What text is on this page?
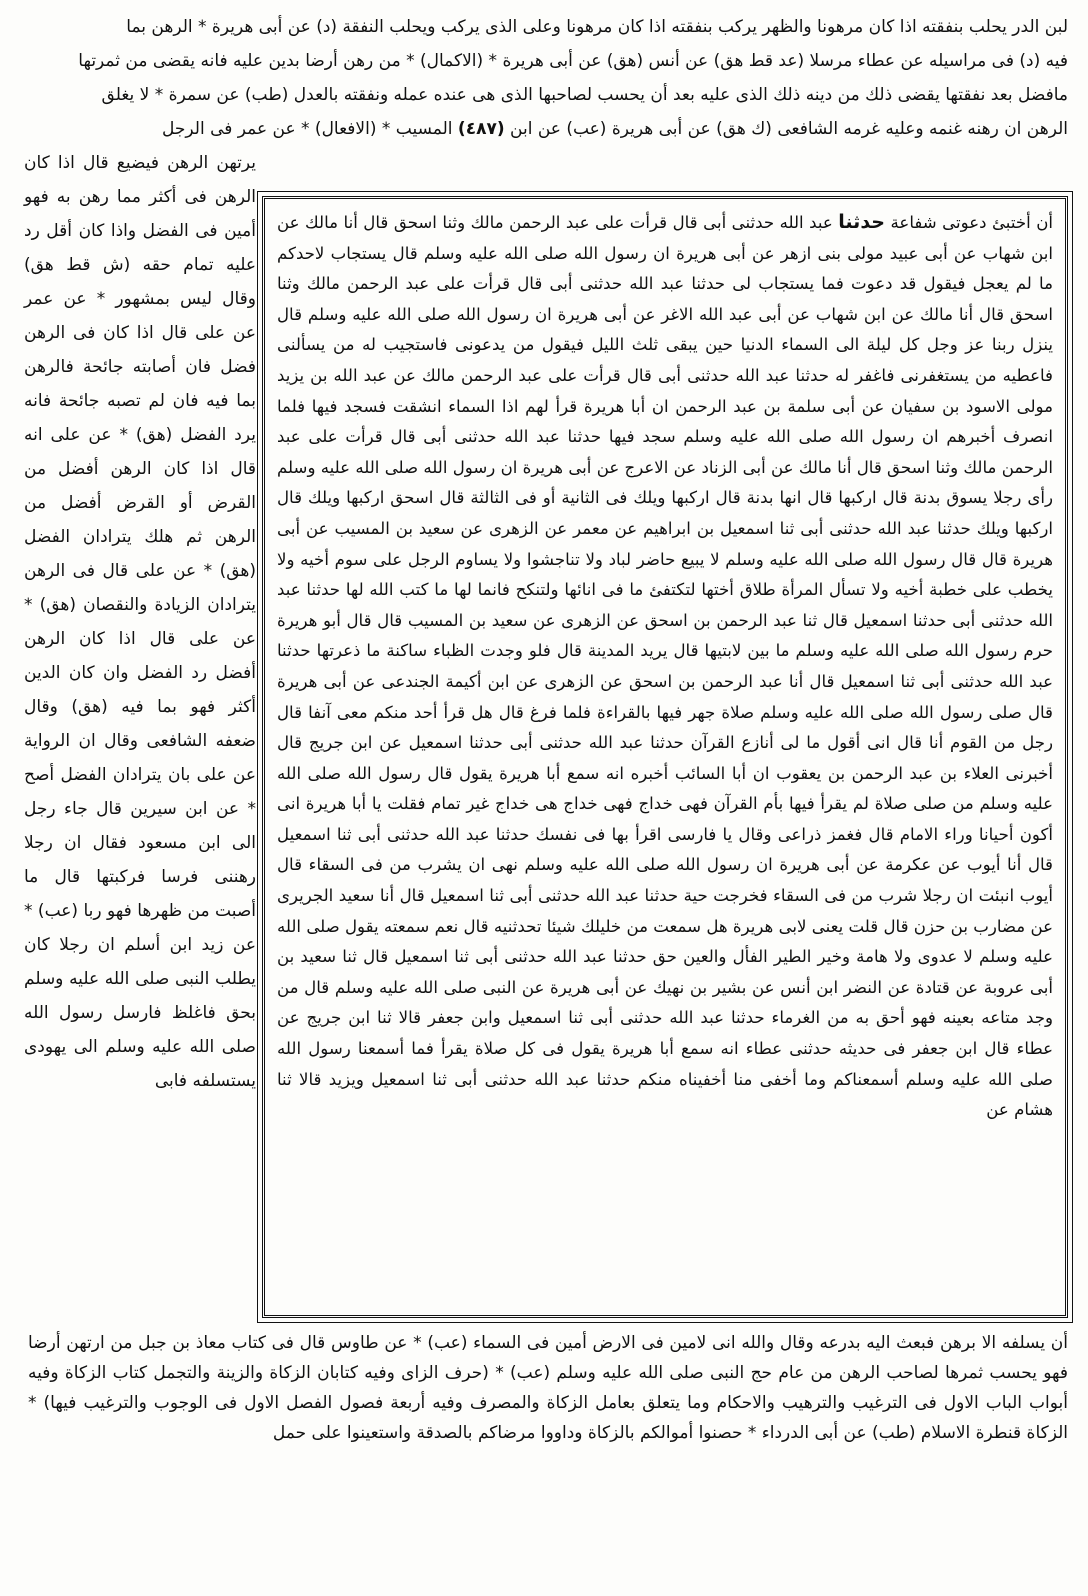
لبن الدر يحلب بنفقته اذا كان مرهونا والظهر يركب بنفقته اذا كان مرهونا وعلى الذى يركب ويحلب النفقة (د) عن أبى هريرة * الرهن بما
فيه (د) فى مراسيله عن عطاء مرسلا (عد قط هق) عن أنس (هق) عن أبى هريرة * (الاكمال) * من رهن أرضا بدين عليه فانه يقضى من ثمرتها
مافضل بعد نفقتها يقضى ذلك من دينه ذلك الذى عليه بعد أن يحسب لصاحبها الذى هى عنده عمله ونفقته بالعدل (طب) عن سمرة * لا يغلق
الرهن ان رهنه غنمه وعليه غرمه الشافعى (ك هق) عن أبى هريرة (عب) عن ابن (٤٨٧) المسيب * (الافعال) * عن عمر فى الرجل
يرتهن الرهن فيضيع قال اذا كان الرهن فى أكثر مما رهن به فهو أمين فى الفضل واذا كان أقل رد عليه تمام حقه (ش قط هق) وقال ليس بمشهور * عن عمر عن على قال اذا كان فى الرهن فضل فان أصابته جائحة فالرهن بما فيه فان لم تصبه جائحة فانه يرد الفضل (هق) * عن على انه قال اذا كان الرهن أفضل من القرض أو القرض أفضل من الرهن ثم هلك يترادان الفضل (هق) * عن على قال فى الرهن يترادان الزيادة والنقصان (هق) * عن على قال اذا كان الرهن أفضل رد الفضل وان كان الدين أكثر فهو بما فيه (هق) وقال ضعفه الشافعى وقال ان الرواية عن على بان يترادان الفضل أصح * عن ابن سيرين قال جاء رجل الى ابن مسعود فقال ان رجلا رهننى فرسا فركبتها قال ما أصبت من ظهرها فهو ربا (عب) * عن زيد ابن أسلم ان رجلا كان يطلب النبى صلى الله عليه وسلم بحق فاغلظ فارسل رسول الله صلى الله عليه وسلم الى يهودى يستسلفه فابى
أن أختبئ دعوتى شفاعة حدثنا عبد الله حدثنى أبى قال قرأت على عبد الرحمن مالك وثنا اسحق قال أنا مالك عن ابن شهاب عن أبى عبيد مولى بنى ازهر عن أبى هريرة ان رسول الله صلى الله عليه وسلم قال يستجاب لاحدكم ما لم يعجل فيقول قد دعوت فما يستجاب لى حدثنا عبد الله حدثنى أبى قال قرأت على عبد الرحمن مالك وثنا اسحق قال أنا مالك عن ابن شهاب عن أبى عبد الله الاغر عن أبى هريرة ان رسول الله صلى الله عليه وسلم قال ينزل ربنا عز وجل كل ليلة الى السماء الدنيا حين يبقى ثلث الليل فيقول من يدعونى فاستجيب له من يسألنى فاعطيه من يستغفرنى فاغفر له حدثنا عبد الله حدثنى أبى قال قرأت على عبد الرحمن مالك عن عبد الله بن يزيد مولى الاسود بن سفيان عن أبى سلمة بن عبد الرحمن ان أبا هريرة قرأ لهم اذا السماء انشقت فسجد فيها فلما انصرف أخبرهم ان رسول الله صلى الله عليه وسلم سجد فيها حدثنا عبد الله حدثنى أبى قال قرأت على عبد الرحمن مالك وثنا اسحق قال أنا مالك عن أبى الزناد عن الاعرج عن أبى هريرة ان رسول الله صلى الله عليه وسلم رأى رجلا يسوق بدنة قال اركبها قال انها بدنة قال اركبها ويلك فى الثانية أو فى الثالثة قال اسحق اركبها ويلك قال اركبها ويلك حدثنا عبد الله حدثنى أبى ثنا اسمعيل بن ابراهيم عن معمر عن الزهرى عن سعيد بن المسيب عن أبى هريرة قال قال رسول الله صلى الله عليه وسلم لا يبيع حاضر لباد ولا تناجشوا ولا يساوم الرجل على سوم أخيه ولا يخطب على خطبة أخيه ولا تسأل المرأة طلاق أختها لتكتفئ ما فى انائها ولتنكح فانما لها ما كتب الله لها حدثنا عبد الله حدثنى أبى حدثنا اسمعيل قال ثنا عبد الرحمن بن اسحق عن الزهرى عن سعيد بن المسيب قال قال أبو هريرة حرم رسول الله صلى الله عليه وسلم ما بين لابتيها قال يريد المدينة قال فلو وجدت الظباء ساكنة ما ذعرتها حدثنا عبد الله حدثنى أبى ثنا اسمعيل قال أنا عبد الرحمن بن اسحق عن الزهرى عن ابن أكيمة الجندعى عن أبى هريرة قال صلى رسول الله صلى الله عليه وسلم صلاة جهر فيها بالقراءة فلما فرغ قال هل قرأ أحد منكم معى آنفا قال رجل من القوم أنا قال انى أقول ما لى أنازع القرآن حدثنا عبد الله حدثنى أبى حدثنا اسمعيل عن ابن جريج قال أخبرنى العلاء بن عبد الرحمن بن يعقوب ان أبا السائب أخبره انه سمع أبا هريرة يقول قال رسول الله صلى الله عليه وسلم من صلى صلاة لم يقرأ فيها بأم القرآن فهى خداج فهى خداج هى خداج غير تمام فقلت يا أبا هريرة انى أكون أحيانا وراء الامام قال فغمز ذراعى وقال يا فارسى اقرأ بها فى نفسك حدثنا عبد الله حدثنى أبى ثنا اسمعيل قال أنا أيوب عن عكرمة عن أبى هريرة ان رسول الله صلى الله عليه وسلم نهى ان يشرب من فى السقاء قال أيوب انبئت ان رجلا شرب من فى السقاء فخرجت حية حدثنا عبد الله حدثنى أبى ثنا اسمعيل قال أنا سعيد الجريرى عن مضارب بن حزن قال قلت يعنى لابى هريرة هل سمعت من خليلك شيئا تحدثنيه قال نعم سمعته يقول صلى الله عليه وسلم لا عدوى ولا هامة وخير الطير الفأل والعين حق حدثنا عبد الله حدثنى أبى ثنا اسمعيل قال ثنا سعيد بن أبى عروبة عن قتادة عن النضر ابن أنس عن بشير بن نهيك عن أبى هريرة عن النبى صلى الله عليه وسلم قال من وجد متاعه بعينه فهو أحق به من الغرماء حدثنا عبد الله حدثنى أبى ثنا اسمعيل وابن جعفر قالا ثنا ابن جريج عن عطاء قال ابن جعفر فى حديثه حدثنى عطاء انه سمع أبا هريرة يقول فى كل صلاة يقرأ فما أسمعنا رسول الله صلى الله عليه وسلم أسمعناكم وما أخفى منا أخفيناه منكم حدثنا عبد الله حدثنى أبى ثنا اسمعيل ويزيد قالا ثنا هشام عن
أن يسلفه الا برهن فبعث اليه بدرعه وقال والله انى لامين فى الارض أمين فى السماء (عب) * عن طاوس قال فى كتاب معاذ بن جبل من ارتهن أرضا فهو يحسب ثمرها لصاحب الرهن من عام حج النبى صلى الله عليه وسلم (عب) * (حرف الزاى وفيه كتابان الزكاة والزينة والتجمل كتاب الزكاة وفيه أبواب الباب الاول فى الترغيب والترهيب والاحكام وما يتعلق بعامل الزكاة والمصرف وفيه أربعة فصول الفصل الاول فى الوجوب والترغيب فيها) * الزكاة قنطرة الاسلام (طب) عن أبى الدرداء * حصنوا أموالكم بالزكاة وداووا مرضاكم بالصدقة واستعينوا على حمل
